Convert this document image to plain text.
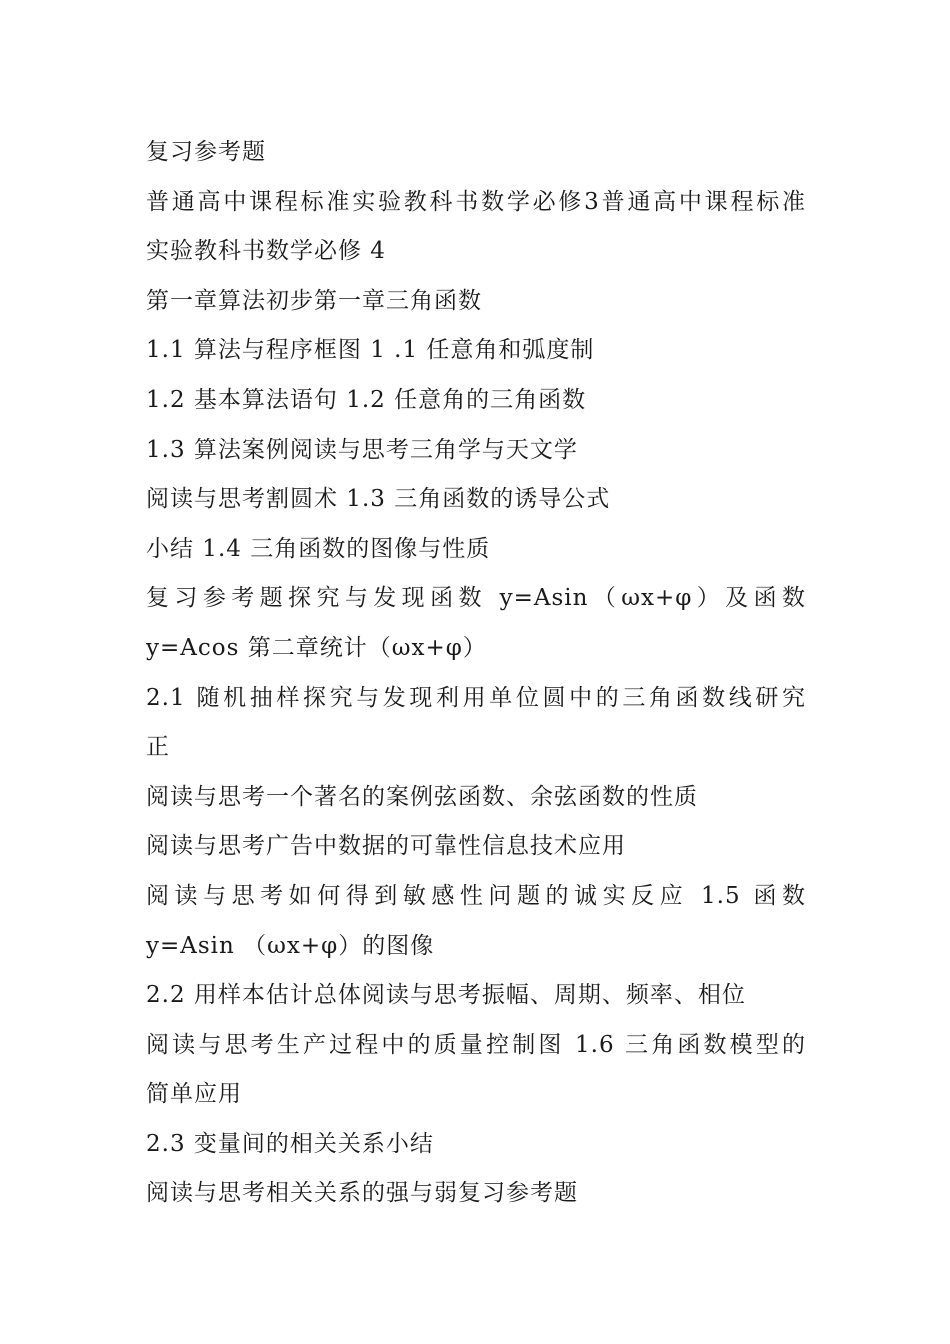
复习参考题
普通高中课程标准实验教科书数学必修3普通高中课程标准
实验教科书数学必修 4
第一章算法初步第一章三角函数
1.1 算法与程序框图 1 .1 任意角和弧度制
1.2 基本算法语句 1.2 任意角的三角函数
1.3 算法案例阅读与思考三角学与天文学
阅读与思考割圆术 1.3 三角函数的诱导公式
小结 1.4 三角函数的图像与性质
复习参考题探究与发现函数 y=Asin（ωx+φ）及函数
y=Acos 第二章统计（ωx+φ）
2.1 随机抽样探究与发现利用单位圆中的三角函数线研究
正
阅读与思考一个著名的案例弦函数、余弦函数的性质
阅读与思考广告中数据的可靠性信息技术应用
阅读与思考如何得到敏感性问题的诚实反应 1.5 函数
y=Asin （ωx+φ）的图像
2.2 用样本估计总体阅读与思考振幅、周期、频率、相位
阅读与思考生产过程中的质量控制图 1.6 三角函数模型的
简单应用
2.3 变量间的相关关系小结
阅读与思考相关关系的强与弱复习参考题
